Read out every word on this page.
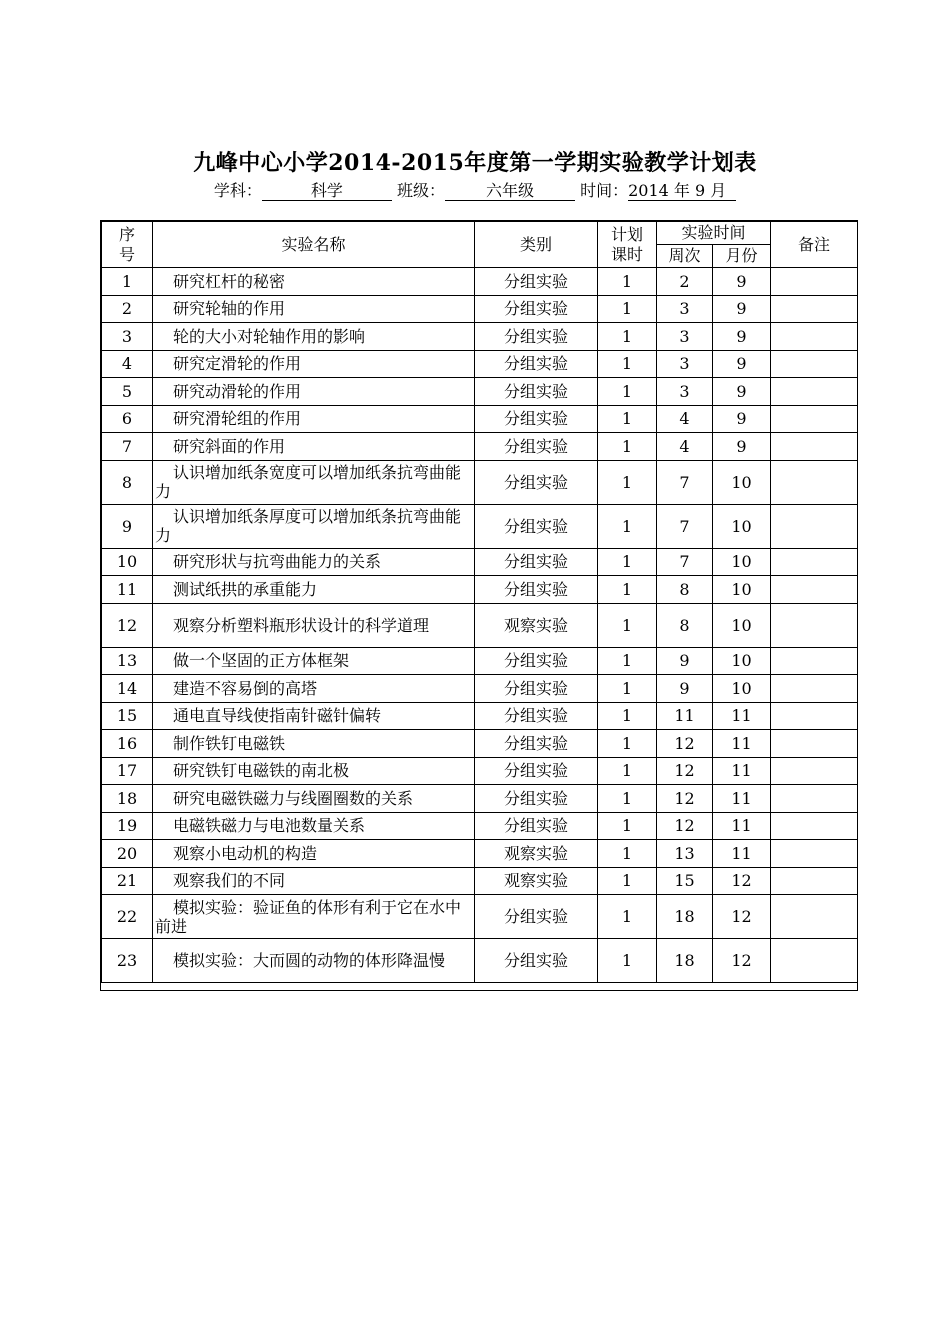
九峰中心小学2014-2015年度第一学期实验教学计划表
学科：	科学	班级：	六年级	时间：2014 年 9 月
序号	实验名称	类别	计划课时	实验时间		备注
				周次	月份	
1	研究杠杆的秘密	分组实验	1	2	9	
2	研究轮轴的作用	分组实验	1	3	9	
3	轮的大小对轮轴作用的影响	分组实验	1	3	9	
4	研究定滑轮的作用	分组实验	1	3	9	
5	研究动滑轮的作用	分组实验	1	3	9	
6	研究滑轮组的作用	分组实验	1	4	9	
7	研究斜面的作用	分组实验	1	4	9	
8	认识增加纸条宽度可以增加纸条抗弯曲能力	分组实验	1	7	10	
9	认识增加纸条厚度可以增加纸条抗弯曲能力	分组实验	1	7	10	
10	研究形状与抗弯曲能力的关系	分组实验	1	7	10	
11	测试纸拱的承重能力	分组实验	1	8	10	
12	观察分析塑料瓶形状设计的科学道理	观察实验	1	8	10	
13	做一个坚固的正方体框架	分组实验	1	9	10	
14	建造不容易倒的高塔	分组实验	1	9	10	
15	通电直导线使指南针磁针偏转	分组实验	1	11	11	
16	制作铁钉电磁铁	分组实验	1	12	11	
17	研究铁钉电磁铁的南北极	分组实验	1	12	11	
18	研究电磁铁磁力与线圈圈数的关系	分组实验	1	12	11	
19	电磁铁磁力与电池数量关系	分组实验	1	12	11	
20	观察小电动机的构造	观察实验	1	13	11	
21	观察我们的不同	观察实验	1	15	12	
22	模拟实验：验证鱼的体形有利于它在水中前进	分组实验	1	18	12	
23	模拟实验：大而圆的动物的体形降温慢	分组实验	1	18	12	
